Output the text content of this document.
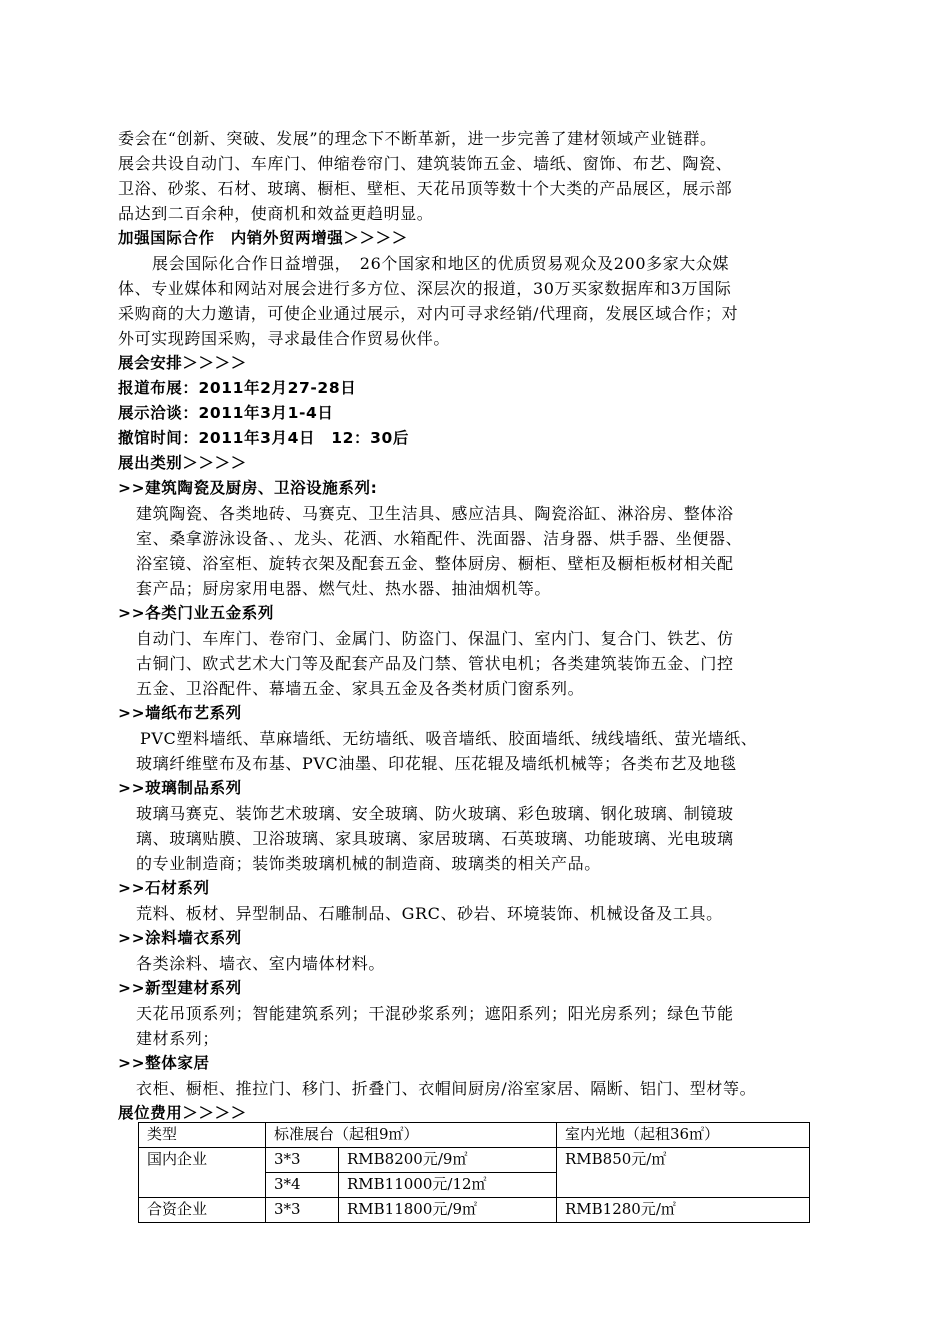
委会在“创新、突破、发展”的理念下不断革新，进一步完善了建材领域产业链群。
展会共设自动门、车库门、伸缩卷帘门、建筑装饰五金、墙纸、窗饰、布艺、陶瓷、
卫浴、砂浆、石材、玻璃、橱柜、壁柜、天花吊顶等数十个大类的产品展区，展示部
品达到二百余种，使商机和效益更趋明显。
加强国际合作　内销外贸两增强＞＞＞＞
展会国际化合作日益增强，　26个国家和地区的优质贸易观众及200多家大众媒
体、专业媒体和网站对展会进行多方位、深层次的报道，30万买家数据库和3万国际
采购商的大力邀请，可使企业通过展示，对内可寻求经销/代理商，发展区域合作；对
外可实现跨国采购，寻求最佳合作贸易伙伴。
展会安排＞＞＞＞
报道布展：2011年2月27-28日
展示洽谈：2011年3月1-4日
撤馆时间：2011年3月4日　12：30后
展出类别＞＞＞＞
>>建筑陶瓷及厨房、卫浴设施系列:
建筑陶瓷、各类地砖、马赛克、卫生洁具、感应洁具、陶瓷浴缸、淋浴房、整体浴
室、桑拿游泳设备、、龙头、花洒、水箱配件、洗面器、洁身器、烘手器、坐便器、
浴室镜、浴室柜、旋转衣架及配套五金、整体厨房、橱柜、壁柜及橱柜板材相关配
套产品；厨房家用电器、燃气灶、热水器、抽油烟机等。
>>各类门业五金系列
自动门、车库门、卷帘门、金属门、防盗门、保温门、室内门、复合门、铁艺、仿
古铜门、欧式艺术大门等及配套产品及门禁、管状电机；各类建筑装饰五金、门控
五金、卫浴配件、幕墙五金、家具五金及各类材质门窗系列。
>>墙纸布艺系列
PVC塑料墙纸、草麻墙纸、无纺墙纸、吸音墙纸、胶面墙纸、绒线墙纸、萤光墙纸、
玻璃纤维壁布及布基、PVC油墨、印花辊、压花辊及墙纸机械等；各类布艺及地毯
>>玻璃制品系列
玻璃马赛克、装饰艺术玻璃、安全玻璃、防火玻璃、彩色玻璃、钢化玻璃、制镜玻
璃、玻璃贴膜、卫浴玻璃、家具玻璃、家居玻璃、石英玻璃、功能玻璃、光电玻璃
的专业制造商；装饰类玻璃机械的制造商、玻璃类的相关产品。
>>石材系列
荒料、板材、异型制品、石雕制品、GRC、砂岩、环境装饰、机械设备及工具。
>>涂料墙衣系列
各类涂料、墙衣、室内墙体材料。
>>新型建材系列
天花吊顶系列；智能建筑系列；干混砂浆系列；遮阳系列；阳光房系列；绿色节能
建材系列；
>>整体家居
衣柜、橱柜、推拉门、移门、折叠门、衣帽间厨房/浴室家居、隔断、铝门、型材等。
展位费用＞＞＞＞
类型	标准展台（起租9㎡）		室内光地（起租36㎡）
国内企业	3*3	RMB8200元/9㎡	RMB850元/㎡
	3*4	RMB11000元/12㎡	
合资企业	3*3	RMB11800元/9㎡	RMB1280元/㎡
